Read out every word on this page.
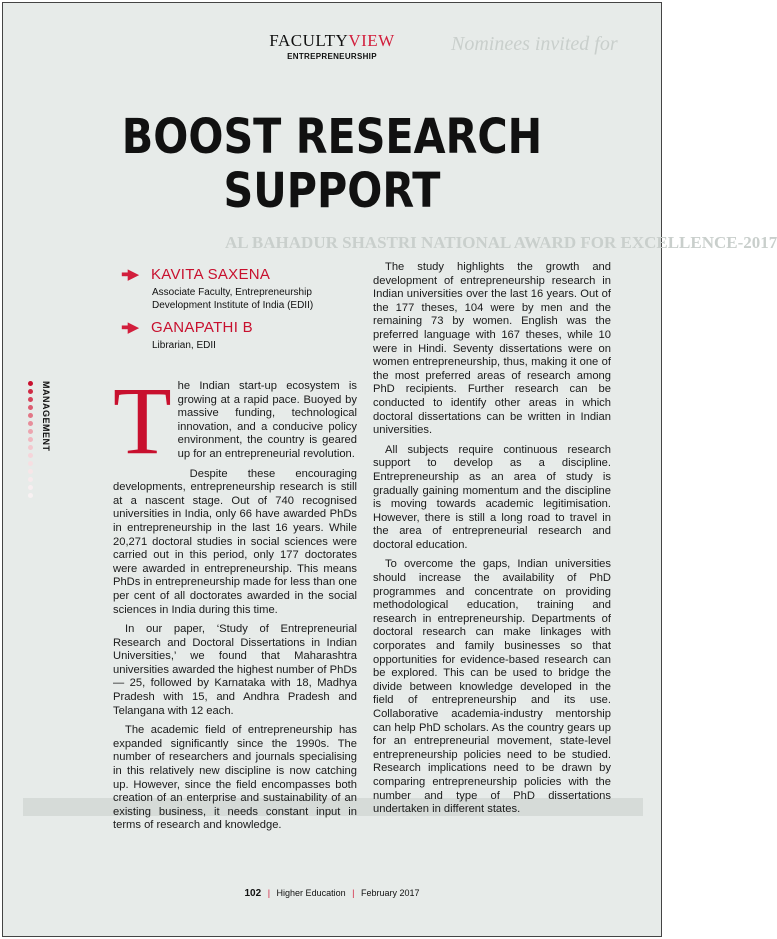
Nominees invited for
AL BAHADUR SHASTRI NATIONAL AWARD FOR EXCELLENCE-2017
FACULTYVIEW
ENTREPRENEURSHIP
BOOST RESEARCH
SUPPORT
▪▪▶ KAVITA SAXENA
Associate Faculty, Entrepreneurship
Development Institute of India (EDII)
▪▪▶ GANAPATHI B
Librarian, EDII
MANAGEMENT The Indian start-up ecosystem is growing at a rapid pace. Buoyed by massive funding, technological innovation, and a conducive policy environment, the country is geared up for an entrepreneurial revolution.

Despite these encouraging developments, entrepreneurship research is still at a nascent stage. Out of 740 recognised universities in India, only 66 have awarded PhDs in entrepreneurship in the last 16 years. While 20,271 doctoral studies in social sciences were carried out in this period, only 177 doctorates were awarded in entrepreneurship. This means PhDs in entrepreneurship made for less than one per cent of all doctorates awarded in the social sciences in India during this time.

In our paper, ‘Study of Entrepreneurial Research and Doctoral Dissertations in Indian Universities,’ we found that Maharashtra universities awarded the highest number of PhDs — 25, followed by Karnataka with 18, Madhya Pradesh with 15, and Andhra Pradesh and Telangana with 12 each.

The academic field of entrepreneurship has expanded significantly since the 1990s. The number of researchers and journals specialising in this relatively new discipline is now catching up. However, since the field encompasses both creation of an enterprise and sustainability of an existing business, it needs constant input in terms of research and knowledge.

The study highlights the growth and development of entrepreneurship research in Indian universities over the last 16 years. Out of the 177 theses, 104 were by men and the remaining 73 by women. English was the preferred language with 167 theses, while 10 were in Hindi. Seventy dissertations were on women entrepreneurship, thus, making it one of the most preferred areas of research among PhD recipients. Further research can be conducted to identify other areas in which doctoral dissertations can be written in Indian universities.

All subjects require continuous research support to develop as a discipline. Entrepreneurship as an area of study is gradually gaining momentum and the discipline is moving towards academic legitimisation. However, there is still a long road to travel in the area of entrepreneurial research and doctoral education.

To overcome the gaps, Indian universities should increase the availability of PhD programmes and concentrate on providing methodological education, training and research in entrepreneurship. Departments of doctoral research can make linkages with corporates and family businesses so that opportunities for evidence-based research can be explored. This can be used to bridge the divide between knowledge developed in the field of entrepreneurship and its use. Collaborative academia-industry mentorship can help PhD scholars. As the country gears up for an entrepreneurial movement, state-level entrepreneurship policies need to be studied. Research implications need to be drawn by comparing entrepreneurship policies with the number and type of PhD dissertations undertaken in different states.

102 | Higher Education | February 2017
